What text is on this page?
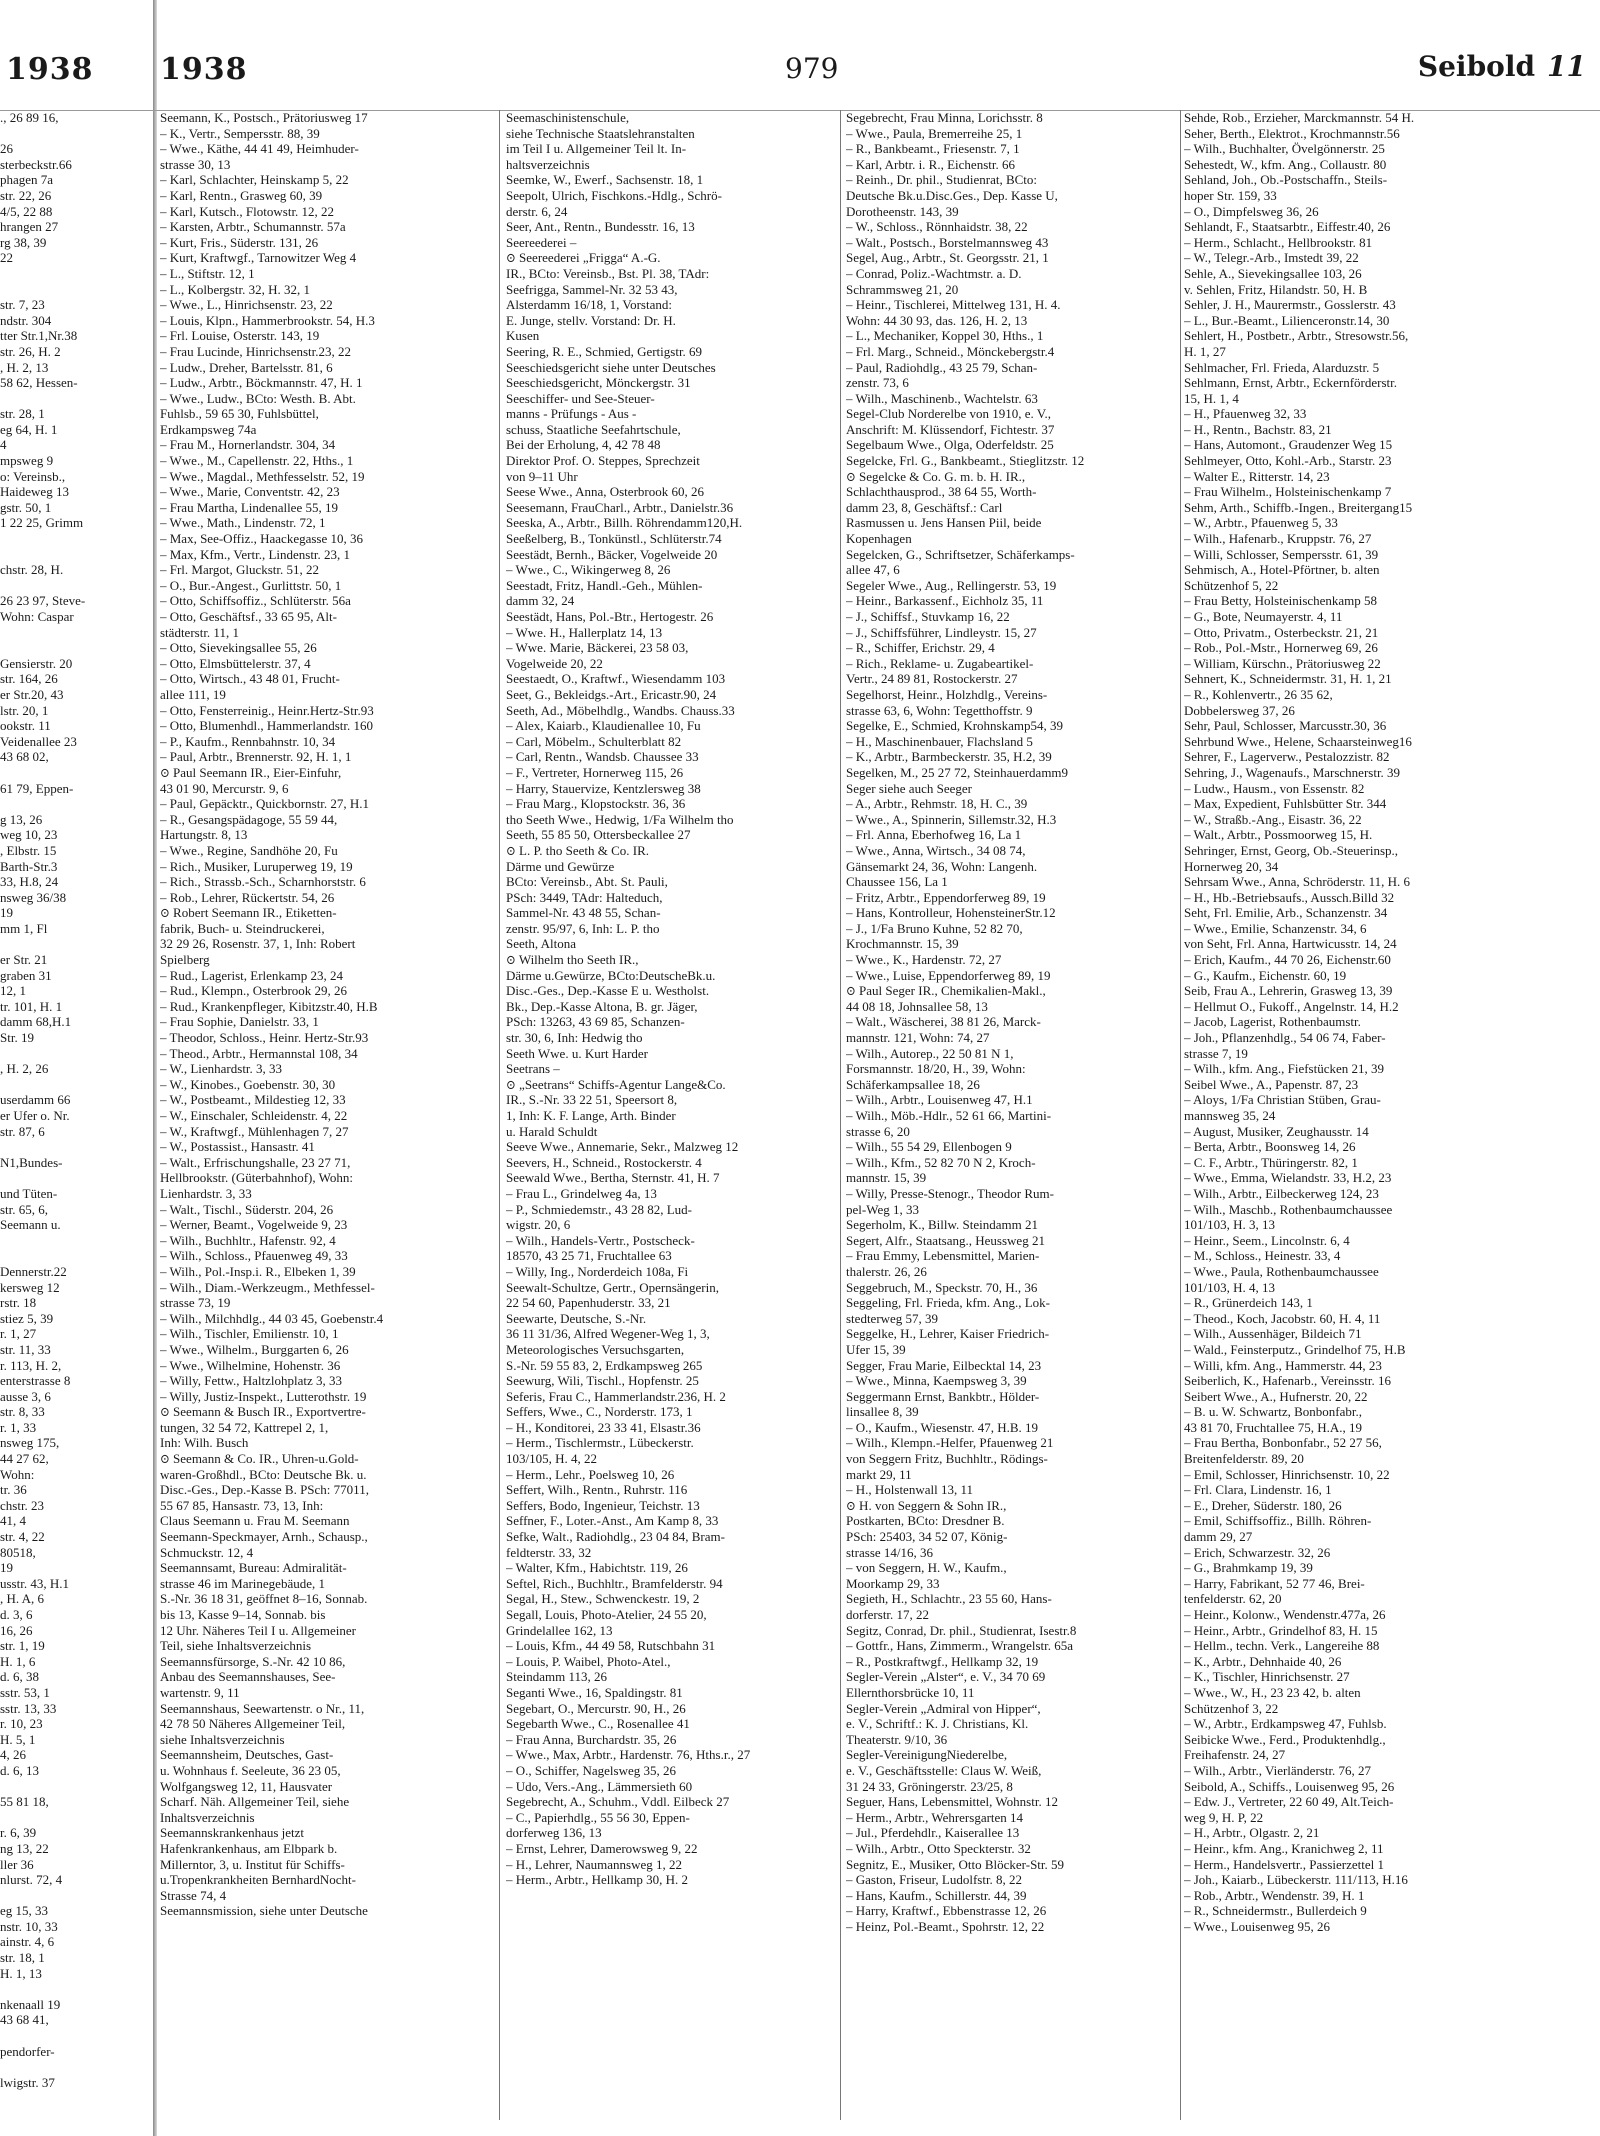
1938 1938	979	Seibold 11
., 26 89 16,

26
sterbeckstr.66
phagen 7a
str. 22, 26
4/5, 22 88
hrangen 27
rg 38, 39
22

str. 7, 23
ndstr. 304
tter Str.1,Nr.38
str. 26, H. 2
, H. 2, 13
58 62, Hessen-

str. 28, 1
eg 64, H. 1
4
mpsweg 9
o: Vereinsb.,
Haideweg 13
gstr. 50, 1
1 22 25, Grimm

chstr. 28, H.

26 23 97, Steve-
Wohn: Caspar

Gensierstr. 20
str. 164, 26
er Str.20, 43
lstr. 20, 1
ookstr. 11
Veidenallee 23
43 68 02,

61 79, Eppen-

g 13, 26
weg 10, 23
, Elbstr. 15
Barth-Str.3
33, H.8, 24
nsweg 36/38
19
mm 1, Fl

er Str. 21
graben 31
12, 1
tr. 101, H. 1
damm 68,H.1
Str. 19

, H. 2, 26

userdamm 66
er Ufer o. Nr.
str. 87, 6

N1,Bundes-

und Tüten-
str. 65, 6,
Seemann u.

Dennerstr.22
kersweg 12
rstr. 18
stiez 5, 39
r. 1, 27
str. 11, 33
r. 113, H. 2,
enterstrasse 8
ausse 3, 6
str. 8, 33
r. 1, 33
nsweg 175,
44 27 62,
Wohn:
tr. 36
chstr. 23
41, 4
str. 4, 22
80518,
19
usstr. 43, H.1
, H. A, 6
d. 3, 6
16, 26
str. 1, 19
H. 1, 6
d. 6, 38
sstr. 53, 1
sstr. 13, 33
r. 10, 23
H. 5, 1
4, 26
d. 6, 13

55 81 18,

r. 6, 39
ng 13, 22
ller 36
nlurst. 72, 4

eg 15, 33
nstr. 10, 33
ainstr. 4, 6
str. 18, 1
H. 1, 13

nkenaall 19
43 68 41,

pendorfer-

lwigstr. 37
Seemann, K., Postsch., Prätoriusweg 17
– K., Vertr., Sempersstr. 88, 39
– Wwe., Käthe, 44 41 49, Heimhuder-
strasse 30, 13
– Karl, Schlachter, Heinskamp 5, 22
– Karl, Rentn., Grasweg 60, 39
– Karl, Kutsch., Flotowstr. 12, 22
– Karsten, Arbtr., Schumannstr. 57a
– Kurt, Fris., Süderstr. 131, 26
– Kurt, Kraftwgf., Tarnowitzer Weg 4
– L., Stiftstr. 12, 1
– L., Kolbergstr. 32, H. 32, 1
– Wwe., L., Hinrichsenstr. 23, 22
– Louis, Klpn., Hammerbrookstr. 54, H.3
– Frl. Louise, Osterstr. 143, 19
– Frau Lucinde, Hinrichsenstr.23, 22
– Ludw., Dreher, Bartelsstr. 81, 6
– Ludw., Arbtr., Böckmannstr. 47, H. 1
– Wwe., Ludw., BCto: Westh. B. Abt.
Fuhlsb., 59 65 30, Fuhlsbüttel,
Erdkampsweg 74a
– Frau M., Hornerlandstr. 304, 34
– Wwe., M., Capellenstr. 22, Hths., 1
– Wwe., Magdal., Methfesselstr. 52, 19
– Wwe., Marie, Conventstr. 42, 23
– Frau Martha, Lindenallee 55, 19
– Wwe., Math., Lindenstr. 72, 1
– Max, See-Offiz., Haackegasse 10, 36
– Max, Kfm., Vertr., Lindenstr. 23, 1
– Frl. Margot, Gluckstr. 51, 22
– O., Bur.-Angest., Gurlittstr. 50, 1
– Otto, Schiffsoffiz., Schlüterstr. 56a
– Otto, Geschäftsf., 33 65 95, Alt-
städterstr. 11, 1
– Otto, Sievekingsallee 55, 26
– Otto, Elmsbüttelerstr. 37, 4
– Otto, Wirtsch., 43 48 01, Frucht-
allee 111, 19
– Otto, Fensterreinig., Heinr.Hertz-Str.93
– Otto, Blumenhdl., Hammerlandstr. 160
– P., Kaufm., Rennbahnstr. 10, 34
– Paul, Arbtr., Brennerstr. 92, H. 1, 1
⊙ Paul Seemann IR., Eier-Einfuhr,
43 01 90, Mercurstr. 9, 6
– Paul, Gepäcktr., Quickbornstr. 27, H.1
– R., Gesangspädagoge, 55 59 44,
Hartungstr. 8, 13
– Wwe., Regine, Sandhöhe 20, Fu
– Rich., Musiker, Luruperweg 19, 19
– Rich., Strassb.-Sch., Scharnhorststr. 6
– Rob., Lehrer, Rückertstr. 54, 26
⊙ Robert Seemann IR., Etiketten-
fabrik, Buch- u. Steindruckerei,
32 29 26, Rosenstr. 37, 1, Inh: Robert
Spielberg
– Rud., Lagerist, Erlenkamp 23, 24
– Rud., Klempn., Osterbrook 29, 26
– Rud., Krankenpfleger, Kibitzstr.40, H.B
– Frau Sophie, Danielstr. 33, 1
– Theodor, Schloss., Heinr. Hertz-Str.93
– Theod., Arbtr., Hermannstal 108, 34
– W., Lienhardstr. 3, 33
– W., Kinobes., Goebenstr. 30, 30
– W., Postbeamt., Mildestieg 12, 33
– W., Einschaler, Schleidenstr. 4, 22
– W., Kraftwgf., Mühlenhagen 7, 27
– W., Postassist., Hansastr. 41
– Walt., Erfrischungshalle, 23 27 71,
Hellbrookstr. (Güterbahnhof), Wohn:
Lienhardstr. 3, 33
– Walt., Tischl., Süderstr. 204, 26
– Werner, Beamt., Vogelweide 9, 23
– Wilh., Buchhltr., Hafenstr. 92, 4
– Wilh., Schloss., Pfauenweg 49, 33
– Wilh., Pol.-Insp.i. R., Elbeken 1, 39
– Wilh., Diam.-Werkzeugm., Methfessel-
strasse 73, 19
– Wilh., Milchhdlg., 44 03 45, Goebenstr.4
– Wilh., Tischler, Emilienstr. 10, 1
– Wwe., Wilhelm., Burggarten 6, 26
– Wwe., Wilhelmine, Hohenstr. 36
– Willy, Fettw., Haltzlohplatz 3, 33
– Willy, Justiz-Inspekt., Lutterothstr. 19
⊙ Seemann & Busch IR., Exportvertre-
tungen, 32 54 72, Kattrepel 2, 1,
Inh: Wilh. Busch
⊙ Seemann & Co. IR., Uhren-u.Gold-
waren-Großhdl., BCto: Deutsche Bk. u.
Disc.-Ges., Dep.-Kasse B. PSch: 77011,
55 67 85, Hansastr. 73, 13, Inh:
Claus Seemann u. Frau M. Seemann
Seemann-Speckmayer, Arnh., Schausp.,
Schmuckstr. 12, 4
Seemannsamt, Bureau: Admiralität-
strasse 46 im Marinegebäude, 1
S.-Nr. 36 18 31, geöffnet 8–16, Sonnab.
bis 13, Kasse 9–14, Sonnab. bis
12 Uhr. Näheres Teil I u. Allgemeiner
Teil, siehe Inhaltsverzeichnis
Seemannsfürsorge, S.-Nr. 42 10 86,
Anbau des Seemannshauses, See-
wartenstr. 9, 11
Seemannshaus, Seewartenstr. o Nr., 11,
42 78 50 Näheres Allgemeiner Teil,
siehe Inhaltsverzeichnis
Seemannsheim, Deutsches, Gast-
u. Wohnhaus f. Seeleute, 36 23 05,
Wolfgangsweg 12, 11, Hausvater
Scharf. Näh. Allgemeiner Teil, siehe
Inhaltsverzeichnis
Seemannskrankenhaus jetzt
Hafenkrankenhaus, am Elbpark b.
Millerntor, 3, u. Institut für Schiffs-
u.Tropenkrankheiten BernhardNocht-
Strasse 74, 4
Seemannsmission, siehe unter Deutsche
Seemaschinistenschule,
siehe Technische Staatslehranstalten
im Teil I u. Allgemeiner Teil lt. In-
haltsverzeichnis
Seemke, W., Ewerf., Sachsenstr. 18, 1
Seepolt, Ulrich, Fischkons.-Hdlg., Schrö-
derstr. 6, 24
Seer, Ant., Rentn., Bundesstr. 16, 13
Seereederei –
⊙ Seereederei „Frigga“ A.-G.
IR., BCto: Vereinsb., Bst. Pl. 38, TAdr:
Seefrigga, Sammel-Nr. 32 53 43,
Alsterdamm 16/18, 1, Vorstand:
E. Junge, stellv. Vorstand: Dr. H.
Kusen
Seering, R. E., Schmied, Gertigstr. 69
Seeschiedsgericht siehe unter Deutsches
Seeschiedsgericht, Mönckergstr. 31
Seeschiffer- und See-Steuer-
manns - Prüfungs - Aus -
schuss, Staatliche Seefahrtschule,
Bei der Erholung, 4, 42 78 48
Direktor Prof. O. Steppes, Sprechzeit
von 9–11 Uhr
Seese Wwe., Anna, Osterbrook 60, 26
Seesemann, FrauCharl., Arbtr., Danielstr.36
Seeska, A., Arbtr., Billh. Röhrendamm120,H.
Seeßelberg, B., Tonkünstl., Schlüterstr.74
Seestädt, Bernh., Bäcker, Vogelweide 20
– Wwe., C., Wikingerweg 8, 26
Seestadt, Fritz, Handl.-Geh., Mühlen-
damm 32, 24
Seestädt, Hans, Pol.-Btr., Hertogestr. 26
– Wwe. H., Hallerplatz 14, 13
– Wwe. Marie, Bäckerei, 23 58 03,
Vogelweide 20, 22
Seestaedt, O., Kraftwf., Wiesendamm 103
Seet, G., Bekleidgs.-Art., Ericastr.90, 24
Seeth, Ad., Möbelhdlg., Wandbs. Chauss.33
– Alex, Kaiarb., Klaudienallee 10, Fu
– Carl, Möbelm., Schulterblatt 82
– Carl, Rentn., Wandsb. Chaussee 33
– F., Vertreter, Hornerweg 115, 26
– Harry, Stauervize, Kentzlersweg 38
– Frau Marg., Klopstockstr. 36, 36
tho Seeth Wwe., Hedwig, 1/Fa Wilhelm tho
Seeth, 55 85 50, Ottersbeckallee 27
⊙ L. P. tho Seeth & Co. IR.
Därme und Gewürze
BCto: Vereinsb., Abt. St. Pauli,
PSch: 3449, TAdr: Halteduch,
Sammel-Nr. 43 48 55, Schan-
zenstr. 95/97, 6, Inh: L. P. tho
Seeth, Altona
⊙ Wilhelm tho Seeth IR.,
Därme u.Gewürze, BCto:DeutscheBk.u.
Disc.-Ges., Dep.-Kasse E u. Westholst.
Bk., Dep.-Kasse Altona, B. gr. Jäger,
PSch: 13263, 43 69 85, Schanzen-
str. 30, 6, Inh: Hedwig tho
Seeth Wwe. u. Kurt Harder
Seetrans –
⊙ „Seetrans“ Schiffs-Agentur Lange&Co.
IR., S.-Nr. 33 22 51, Speersort 8,
1, Inh: K. F. Lange, Arth. Binder
u. Harald Schuldt
Seeve Wwe., Annemarie, Sekr., Malzweg 12
Seevers, H., Schneid., Rostockerstr. 4
Seewald Wwe., Bertha, Sternstr. 41, H. 7
– Frau L., Grindelweg 4a, 13
– P., Schmiedemstr., 43 28 82, Lud-
wigstr. 20, 6
– Wilh., Handels-Vertr., Postscheck-
18570, 43 25 71, Fruchtallee 63
– Willy, Ing., Norderdeich 108a, Fi
Seewalt-Schultze, Gertr., Opernsängerin,
22 54 60, Papenhuderstr. 33, 21
Seewarte, Deutsche, S.-Nr.
36 11 31/36, Alfred Wegener-Weg 1, 3,
Meteorologisches Versuchsgarten,
S.-Nr. 59 55 83, 2, Erdkampsweg 265
Seewurg, Wili, Tischl., Hopfenstr. 25
Seferis, Frau C., Hammerlandstr.236, H. 2
Seffers, Wwe., C., Norderstr. 173, 1
– H., Konditorei, 23 33 41, Elsastr.36
– Herm., Tischlermstr., Lübeckerstr.
103/105, H. 4, 22
– Herm., Lehr., Poelsweg 10, 26
Seffert, Wilh., Rentn., Ruhrstr. 116
Seffers, Bodo, Ingenieur, Teichstr. 13
Seffner, F., Loter.-Anst., Am Kamp 8, 33
Sefke, Walt., Radiohdlg., 23 04 84, Bram-
feldterstr. 33, 32
– Walter, Kfm., Habichtstr. 119, 26
Seftel, Rich., Buchhltr., Bramfelderstr. 94
Segal, H., Stew., Schwenckestr. 19, 2
Segall, Louis, Photo-Atelier, 24 55 20,
Grindelallee 162, 13
– Louis, Kfm., 44 49 58, Rutschbahn 31
– Louis, P. Waibel, Photo-Atel.,
Steindamm 113, 26
Seganti Wwe., 16, Spaldingstr. 81
Segebart, O., Mercurstr. 90, H., 26
Segebarth Wwe., C., Rosenallee 41
– Frau Anna, Burchardstr. 35, 26
– Wwe., Max, Arbtr., Hardenstr. 76, Hths.r., 27
– O., Schiffer, Nagelsweg 35, 26
– Udo, Vers.-Ang., Lämmersieth 60
Segebrecht, A., Schuhm., Vddl. Eilbeck 27
– C., Papierhdlg., 55 56 30, Eppen-
dorferweg 136, 13
– Ernst, Lehrer, Damerowsweg 9, 22
– H., Lehrer, Naumannsweg 1, 22
– Herm., Arbtr., Hellkamp 30, H. 2
Segebrecht, Frau Minna, Lorichsstr. 8
– Wwe., Paula, Bremerreihe 25, 1
– R., Bankbeamt., Friesenstr. 7, 1
– Karl, Arbtr. i. R., Eichenstr. 66
– Reinh., Dr. phil., Studienrat, BCto:
Deutsche Bk.u.Disc.Ges., Dep. Kasse U,
Dorotheenstr. 143, 39
– W., Schloss., Rönnhaidstr. 38, 22
– Walt., Postsch., Borstelmannsweg 43
Segel, Aug., Arbtr., St. Georgsstr. 21, 1
– Conrad, Poliz.-Wachtmstr. a. D.
Schrammsweg 21, 20
– Heinr., Tischlerei, Mittelweg 131, H. 4.
Wohn: 44 30 93, das. 126, H. 2, 13
– L., Mechaniker, Koppel 30, Hths., 1
– Frl. Marg., Schneid., Mönckebergstr.4
– Paul, Radiohdlg., 43 25 79, Schan-
zenstr. 73, 6
– Wilh., Maschinenb., Wachtelstr. 63
Segel-Club Norderelbe von 1910, e. V.,
Anschrift: M. Klüssendorf, Fichtestr. 37
Segelbaum Wwe., Olga, Oderfeldstr. 25
Segelcke, Frl. G., Bankbeamt., Stieglitzstr. 12
⊙ Segelcke & Co. G. m. b. H. IR.,
Schlachthausprod., 38 64 55, Worth-
damm 23, 8, Geschäftsf.: Carl
Rasmussen u. Jens Hansen Piil, beide
Kopenhagen
Segelcken, G., Schriftsetzer, Schäferkamps-
allee 47, 6
Segeler Wwe., Aug., Rellingerstr. 53, 19
– Heinr., Barkassenf., Eichholz 35, 11
– J., Schiffsf., Stuvkamp 16, 22
– J., Schiffsführer, Lindleystr. 15, 27
– R., Schiffer, Erichstr. 29, 4
– Rich., Reklame- u. Zugabeartikel-
Vertr., 24 89 81, Rostockerstr. 27
Segelhorst, Heinr., Holzhdlg., Vereins-
strasse 63, 6, Wohn: Tegetthoffstr. 9
Segelke, E., Schmied, Krohnskamp54, 39
– H., Maschinenbauer, Flachsland 5
– K., Arbtr., Barmbeckerstr. 35, H.2, 39
Segelken, M., 25 27 72, Steinhauerdamm9
Seger siehe auch Seeger
– A., Arbtr., Rehmstr. 18, H. C., 39
– Wwe., A., Spinnerin, Sillemstr.32, H.3
– Frl. Anna, Eberhofweg 16, La 1
– Wwe., Anna, Wirtsch., 34 08 74,
Gänsemarkt 24, 36, Wohn: Langenh.
Chaussee 156, La 1
– Fritz, Arbtr., Eppendorferweg 89, 19
– Hans, Kontrolleur, HohensteinerStr.12
– J., 1/Fa Bruno Kuhne, 52 82 70,
Krochmannstr. 15, 39
– Wwe., K., Hardenstr. 72, 27
– Wwe., Luise, Eppendorferweg 89, 19
⊙ Paul Seger IR., Chemikalien-Makl.,
44 08 18, Johnsallee 58, 13
– Walt., Wäscherei, 38 81 26, Marck-
mannstr. 121, Wohn: 74, 27
– Wilh., Autorep., 22 50 81 N 1,
Forsmannstr. 18/20, H., 39, Wohn:
Schäferkampsallee 18, 26
– Wilh., Arbtr., Louisenweg 47, H.1
– Wilh., Möb.-Hdlr., 52 61 66, Martini-
strasse 6, 20
– Wilh., 55 54 29, Ellenbogen 9
– Wilh., Kfm., 52 82 70 N 2, Kroch-
mannstr. 15, 39
– Willy, Presse-Stenogr., Theodor Rum-
pel-Weg 1, 33
Segerholm, K., Billw. Steindamm 21
Segert, Alfr., Staatsang., Heussweg 21
– Frau Emmy, Lebensmittel, Marien-
thalerstr. 26, 26
Seggebruch, M., Speckstr. 70, H., 36
Seggeling, Frl. Frieda, kfm. Ang., Lok-
stedterweg 57, 39
Seggelke, H., Lehrer, Kaiser Friedrich-
Ufer 15, 39
Segger, Frau Marie, Eilbecktal 14, 23
– Wwe., Minna, Kaempsweg 3, 39
Seggermann Ernst, Bankbtr., Hölder-
linsallee 8, 39
– O., Kaufm., Wiesenstr. 47, H.B. 19
– Wilh., Klempn.-Helfer, Pfauenweg 21
von Seggern Fritz, Buchhltr., Rödings-
markt 29, 11
– H., Holstenwall 13, 11
⊙ H. von Seggern & Sohn IR.,
Postkarten, BCto: Dresdner B.
PSch: 25403, 34 52 07, König-
strasse 14/16, 36
– von Seggern, H. W., Kaufm.,
Moorkamp 29, 33
Segieth, H., Schlachtr., 23 55 60, Hans-
dorferstr. 17, 22
Segitz, Conrad, Dr. phil., Studienrat, Isestr.8
– Gottfr., Hans, Zimmerm., Wrangelstr. 65a
– R., Postkraftwgf., Hellkamp 32, 19
Segler-Verein „Alster“, e. V., 34 70 69
Ellernthorsbrücke 10, 11
Segler-Verein „Admiral von Hipper“,
e. V., Schriftf.: K. J. Christians, Kl.
Theaterstr. 9/10, 36
Segler-VereinigungNiederelbe,
e. V., Geschäftsstelle: Claus W. Weiß,
31 24 33, Gröningerstr. 23/25, 8
Seguer, Hans, Lebensmittel, Wohnstr. 12
– Herm., Arbtr., Wehrersgarten 14
– Jul., Pferdehdlr., Kaiserallee 13
– Wilh., Arbtr., Otto Speckterstr. 32
Segnitz, E., Musiker, Otto Blöcker-Str. 59
– Gaston, Friseur, Ludolfstr. 8, 22
– Hans, Kaufm., Schillerstr. 44, 39
– Harry, Kraftwf., Ebbenstrasse 12, 26
– Heinz, Pol.-Beamt., Spohrstr. 12, 22
Sehde, Rob., Erzieher, Marckmannstr. 54 H.
Seher, Berth., Elektrot., Krochmannstr.56
– Wilh., Buchhalter, Övelgönnerstr. 25
Sehestedt, W., kfm. Ang., Collaustr. 80
Sehland, Joh., Ob.-Postschaffn., Steils-
hoper Str. 159, 33
– O., Dimpfelsweg 36, 26
Sehlandt, F., Staatsarbtr., Eiffestr.40, 26
– Herm., Schlacht., Hellbrookstr. 81
– W., Telegr.-Arb., Imstedt 39, 22
Sehle, A., Sievekingsallee 103, 26
v. Sehlen, Fritz, Hilandstr. 50, H. B
Sehler, J. H., Maurermstr., Gosslerstr. 43
– L., Bur.-Beamt., Lilienceronstr.14, 30
Sehlert, H., Postbetr., Arbtr., Stresowstr.56,
H. 1, 27
Sehlmacher, Frl. Frieda, Alarduzstr. 5
Sehlmann, Ernst, Arbtr., Eckernförderstr.
15, H. 1, 4
– H., Pfauenweg 32, 33
– H., Rentn., Bachstr. 83, 21
– Hans, Automont., Graudenzer Weg 15
Sehlmeyer, Otto, Kohl.-Arb., Starstr. 23
– Walter E., Ritterstr. 14, 23
– Frau Wilhelm., Holsteinischenkamp 7
Sehm, Arth., Schiffb.-Ingen., Breitergang15
– W., Arbtr., Pfauenweg 5, 33
– Wilh., Hafenarb., Kruppstr. 76, 27
– Willi, Schlosser, Sempersstr. 61, 39
Sehmisch, A., Hotel-Pförtner, b. alten
Schützenhof 5, 22
– Frau Betty, Holsteinischenkamp 58
– G., Bote, Neumayerstr. 4, 11
– Otto, Privatm., Osterbeckstr. 21, 21
– Rob., Pol.-Mstr., Hornerweg 69, 26
– William, Kürschn., Prätoriusweg 22
Sehnert, K., Schneidermstr. 31, H. 1, 21
– R., Kohlenvertr., 26 35 62,
Dobbelersweg 37, 26
Sehr, Paul, Schlosser, Marcusstr.30, 36
Sehrbund Wwe., Helene, Schaarsteinweg16
Sehrer, F., Lagerverw., Pestalozzistr. 82
Sehring, J., Wagenaufs., Marschnerstr. 39
– Ludw., Hausm., von Essenstr. 82
– Max, Expedient, Fuhlsbütter Str. 344
– W., Straßb.-Ang., Eisastr. 36, 22
– Walt., Arbtr., Possmoorweg 15, H.
Sehringer, Ernst, Georg, Ob.-Steuerinsp.,
Hornerweg 20, 34
Sehrsam Wwe., Anna, Schröderstr. 11, H. 6
– H., Hb.-Betriebsaufs., Aussch.Billd 32
Seht, Frl. Emilie, Arb., Schanzenstr. 34
– Wwe., Emilie, Schanzenstr. 34, 6
von Seht, Frl. Anna, Hartwicusstr. 14, 24
– Erich, Kaufm., 44 70 26, Eichenstr.60
– G., Kaufm., Eichenstr. 60, 19
Seib, Frau A., Lehrerin, Grasweg 13, 39
– Hellmut O., Fukoff., Angelnstr. 14, H.2
– Jacob, Lagerist, Rothenbaumstr.
– Joh., Pflanzenhdlg., 54 06 74, Faber-
strasse 7, 19
– Wilh., kfm. Ang., Fiefstücken 21, 39
Seibel Wwe., A., Papenstr. 87, 23
– Aloys, 1/Fa Christian Stüben, Grau-
mannsweg 35, 24
– August, Musiker, Zeughausstr. 14
– Berta, Arbtr., Boonsweg 14, 26
– C. F., Arbtr., Thüringerstr. 82, 1
– Wwe., Emma, Wielandstr. 33, H.2, 23
– Wilh., Arbtr., Eilbeckerweg 124, 23
– Wilh., Maschb., Rothenbaumchaussee
101/103, H. 3, 13
– Heinr., Seem., Lincolnstr. 6, 4
– M., Schloss., Heinestr. 33, 4
– Wwe., Paula, Rothenbaumchaussee
101/103, H. 4, 13
– R., Grünerdeich 143, 1
– Theod., Koch, Jacobstr. 60, H. 4, 11
– Wilh., Aussenhäger, Bildeich 71
– Wald., Feinsterputz., Grindelhof 75, H.B
– Willi, kfm. Ang., Hammerstr. 44, 23
Seiberlich, K., Hafenarb., Vereinsstr. 16
Seibert Wwe., A., Hufnerstr. 20, 22
– B. u. W. Schwartz, Bonbonfabr.,
43 81 70, Fruchtallee 75, H.A., 19
– Frau Bertha, Bonbonfabr., 52 27 56,
Breitenfelderstr. 89, 20
– Emil, Schlosser, Hinrichsenstr. 10, 22
– Frl. Clara, Lindenstr. 16, 1
– E., Dreher, Süderstr. 180, 26
– Emil, Schiffsoffiz., Billh. Röhren-
damm 29, 27
– Erich, Schwarzestr. 32, 26
– G., Brahmkamp 19, 39
– Harry, Fabrikant, 52 77 46, Brei-
tenfelderstr. 62, 20
– Heinr., Kolonw., Wendenstr.477a, 26
– Heinr., Arbtr., Grindelhof 83, H. 15
– Hellm., techn. Verk., Langereihe 88
– K., Arbtr., Dehnhaide 40, 26
– K., Tischler, Hinrichsenstr. 27
– Wwe., W., H., 23 23 42, b. alten
Schützenhof 3, 22
– W., Arbtr., Erdkampsweg 47, Fuhlsb.
Seibicke Wwe., Ferd., Produktenhdlg.,
Freihafenstr. 24, 27
– Wilh., Arbtr., Vierländerstr. 76, 27
Seibold, A., Schiffs., Louisenweg 95, 26
– Edw. J., Vertreter, 22 60 49, Alt.Teich-
weg 9, H. P, 22
– H., Arbtr., Olgastr. 2, 21
– Heinr., kfm. Ang., Kranichweg 2, 11
– Herm., Handelsvertr., Passierzettel 1
– Joh., Kaiarb., Lübeckerstr. 111/113, H.16
– Rob., Arbtr., Wendenstr. 39, H. 1
– R., Schneidermstr., Bullerdeich 9
– Wwe., Louisenweg 95, 26
